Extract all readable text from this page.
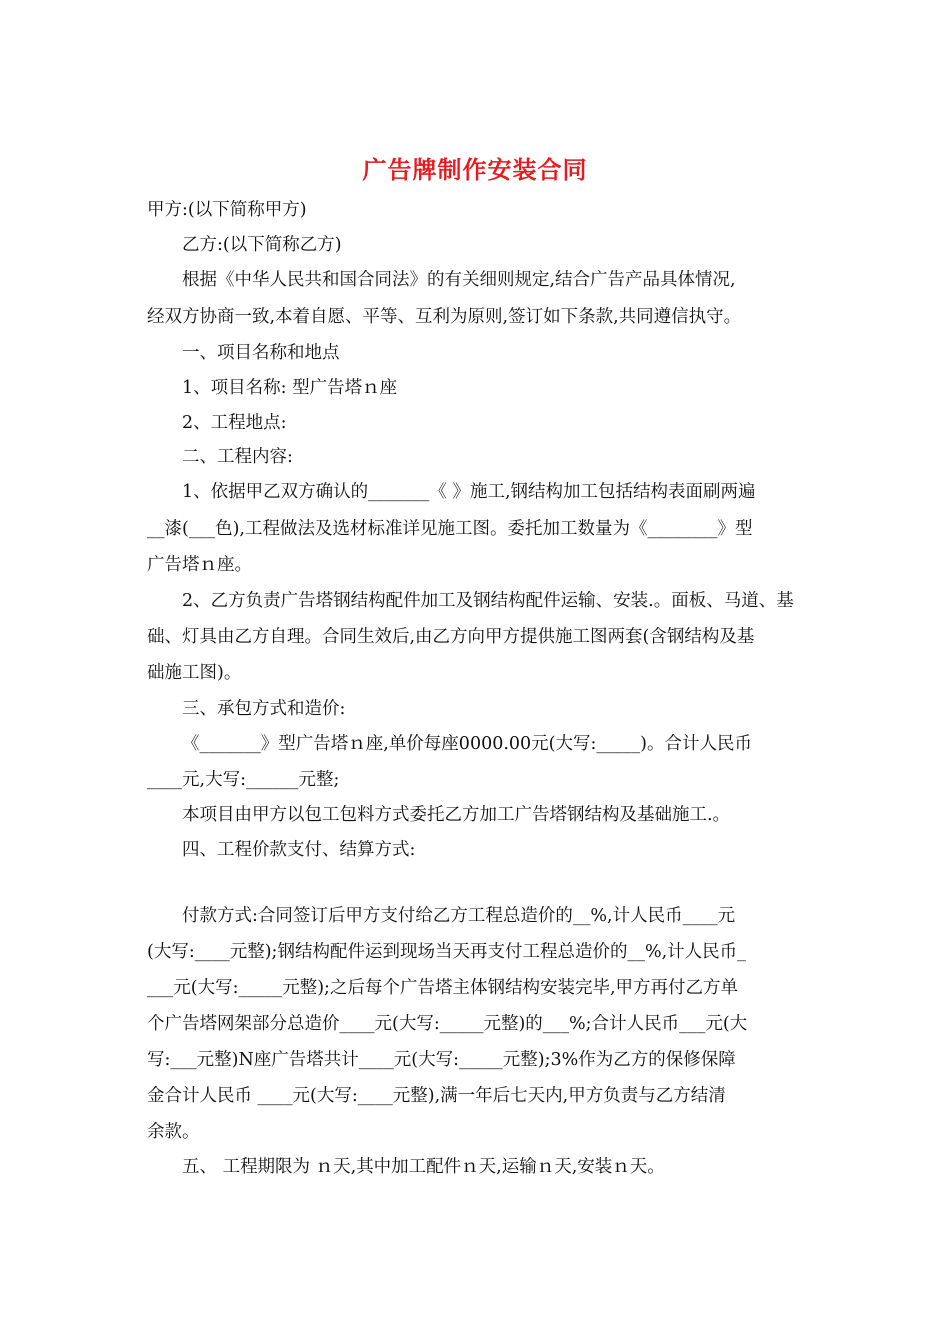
广告牌制作安装合同
甲方:(以下简称甲方)
乙方:(以下简称乙方)
根据《中华人民共和国合同法》的有关细则规定,结合广告产品具体情况,
经双方协商一致,本着自愿、平等、互利为原则,签订如下条款,共同遵信执守。
一、项目名称和地点
1、项目名称: 型广告塔ｎ座
2、工程地点:
二、工程内容:
1、依据甲乙双方确认的_______《 》施工,钢结构加工包括结构表面刷两遍
__漆(___色),工程做法及选材标准详见施工图。委托加工数量为《________》型
广告塔ｎ座。
2、乙方负责广告塔钢结构配件加工及钢结构配件运输、安装.。面板、马道、基
础、灯具由乙方自理。合同生效后,由乙方向甲方提供施工图两套(含钢结构及基
础施工图)。
三、承包方式和造价:
《_______》型广告塔ｎ座,单价每座0000.00元(大写:_____)。合计人民币
____元,大写:______元整;
本项目由甲方以包工包料方式委托乙方加工广告塔钢结构及基础施工.。
四、工程价款支付、结算方式:
付款方式:合同签订后甲方支付给乙方工程总造价的__%,计人民币____元
(大写:____元整);钢结构配件运到现场当天再支付工程总造价的__%,计人民币_
___元(大写:_____元整);之后每个广告塔主体钢结构安装完毕,甲方再付乙方单
个广告塔网架部分总造价____元(大写:_____元整)的___%;合计人民币___元(大
写:___元整)N座广告塔共计____元(大写:_____元整);3%作为乙方的保修保障
金合计人民币 ____元(大写:____元整),满一年后七天内,甲方负责与乙方结清
余款。
五、 工程期限为 ｎ天,其中加工配件ｎ天,运输ｎ天,安装ｎ天。
